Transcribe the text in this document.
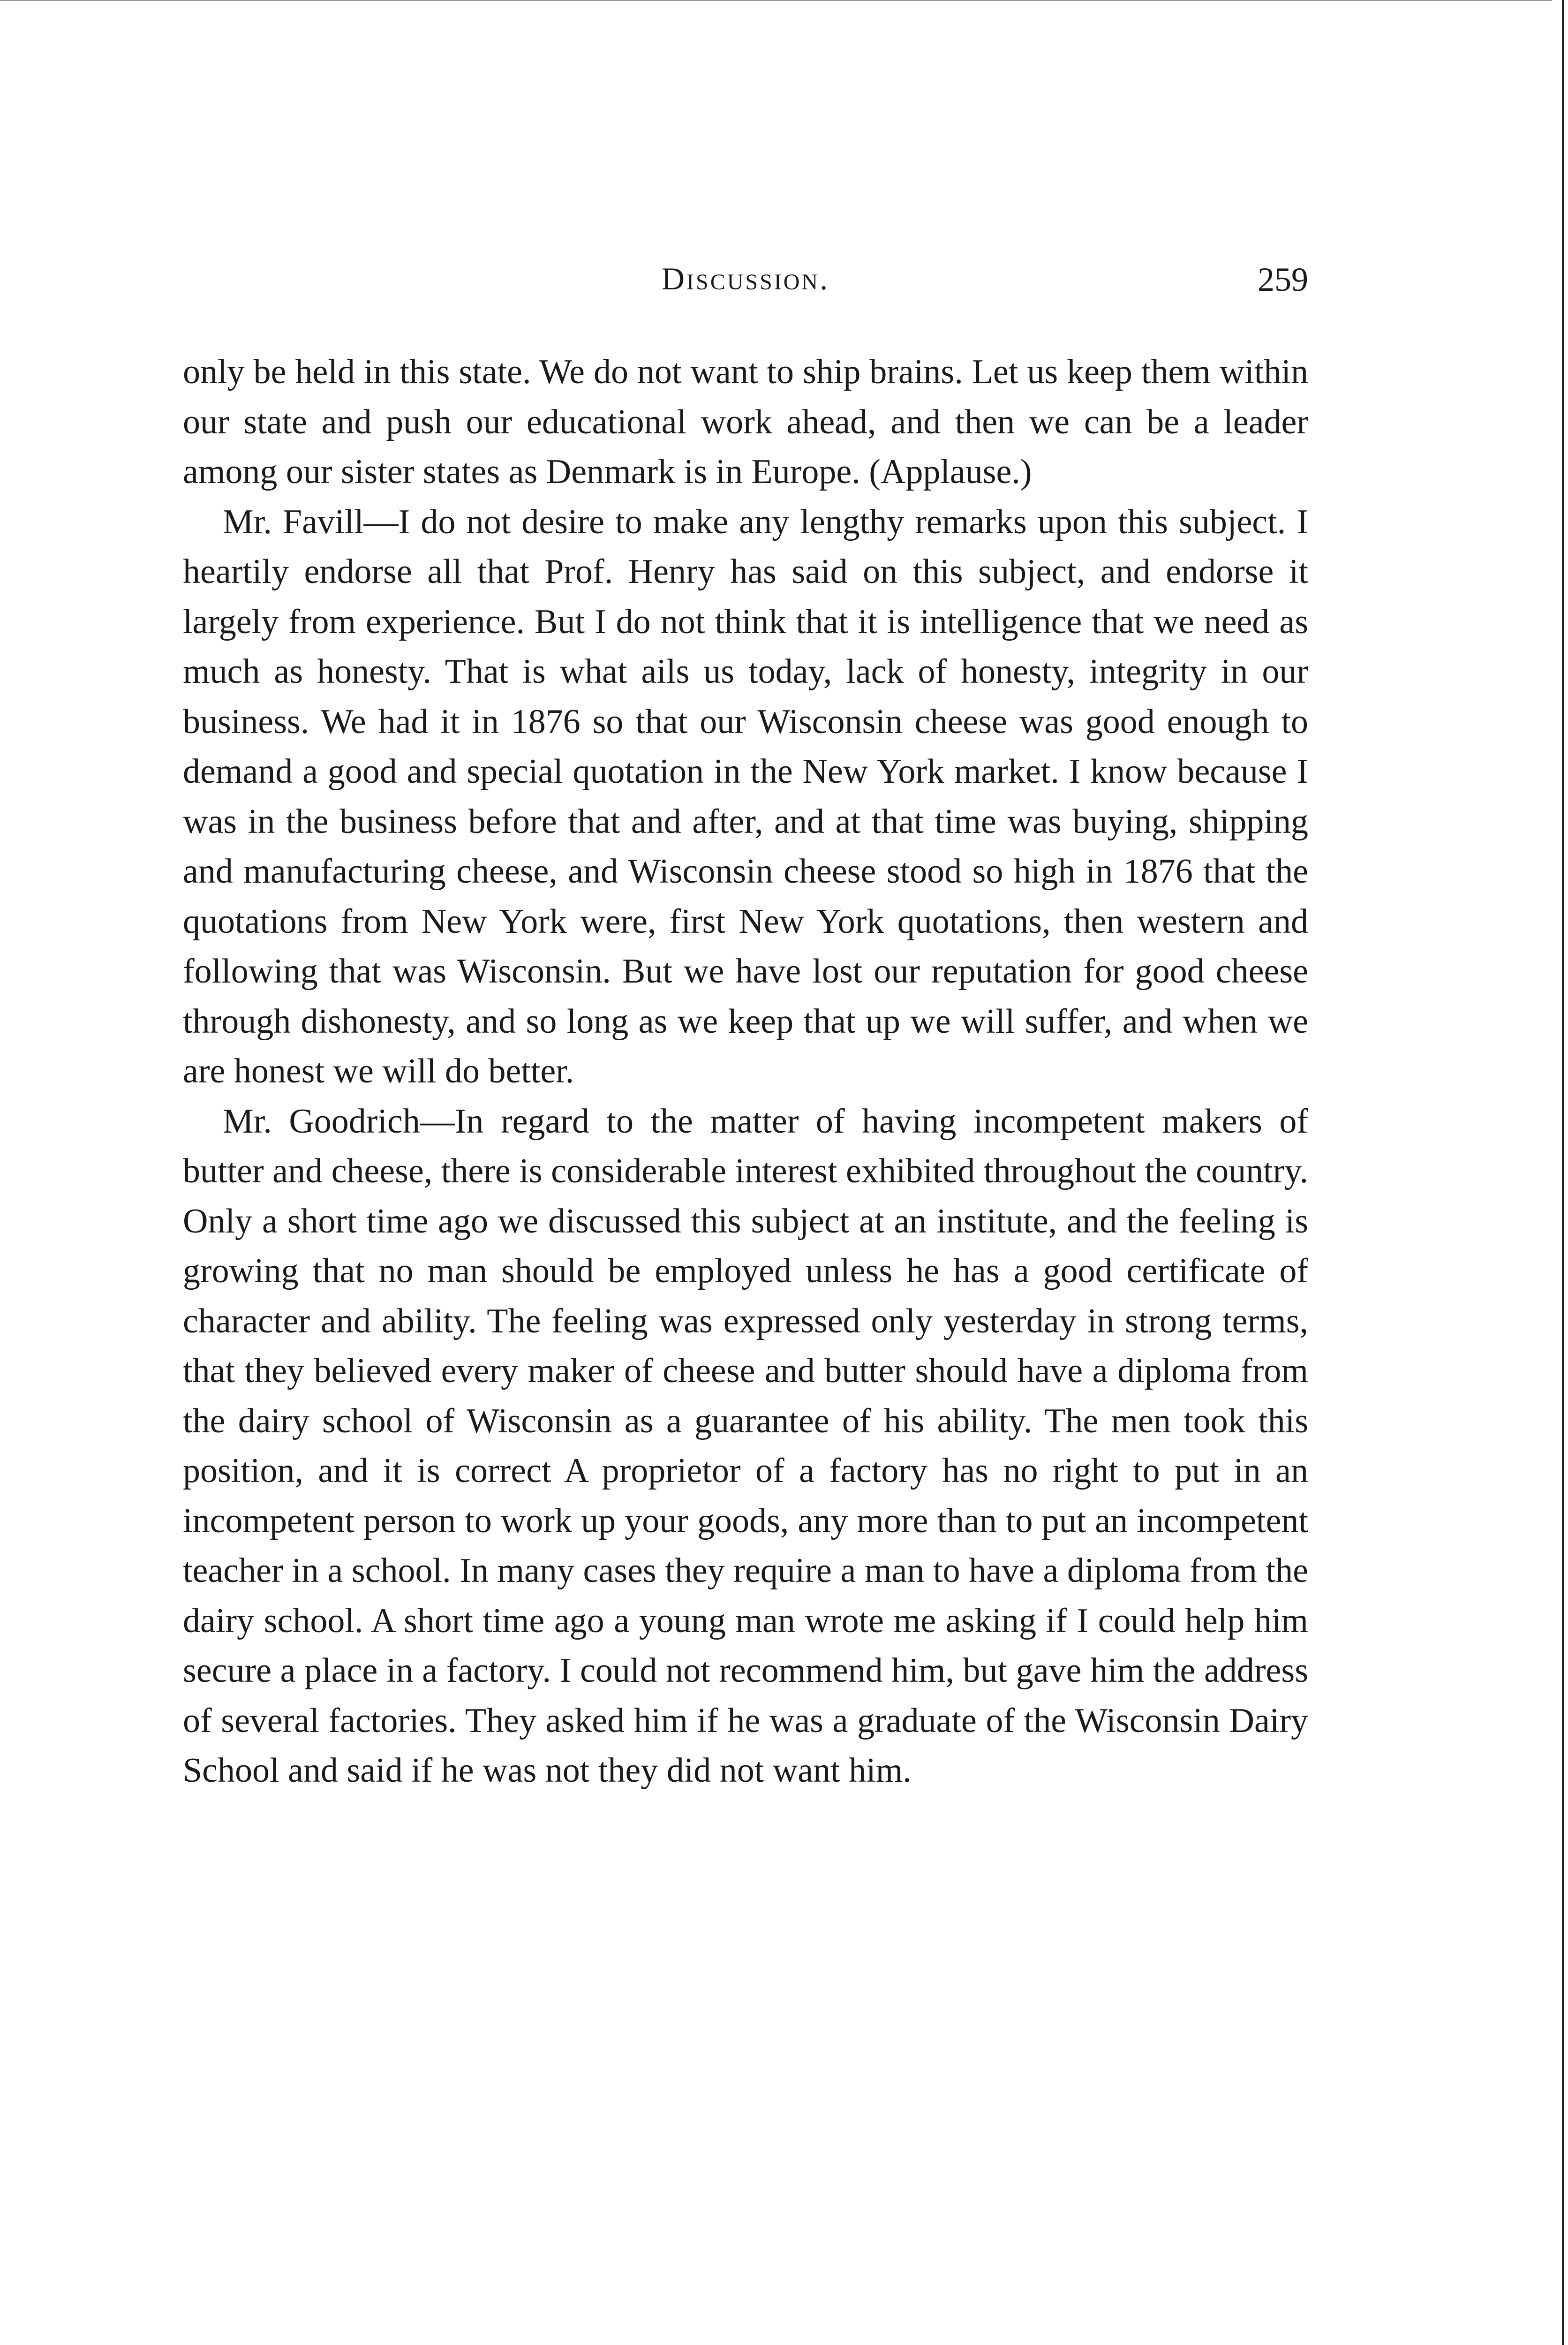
Discussion.	259

only be held in this state. We do not want to ship brains. Let us keep them within our state and push our educational work ahead, and then we can be a leader among our sister states as Denmark is in Europe. (Applause.)

Mr. Favill—I do not desire to make any lengthy remarks upon this subject. I heartily endorse all that Prof. Henry has said on this subject, and endorse it largely from experience. But I do not think that it is intelligence that we need as much as honesty. That is what ails us today, lack of honesty, integrity in our business. We had it in 1876 so that our Wisconsin cheese was good enough to demand a good and special quotation in the New York market. I know because I was in the business before that and after, and at that time was buying, shipping and manufacturing cheese, and Wisconsin cheese stood so high in 1876 that the quotations from New York were, first New York quotations, then western and following that was Wisconsin. But we have lost our reputation for good cheese through dishonesty, and so long as we keep that up we will suffer, and when we are honest we will do better.

Mr. Goodrich—In regard to the matter of having incompetent makers of butter and cheese, there is considerable interest exhibited throughout the country. Only a short time ago we discussed this subject at an institute, and the feeling is growing that no man should be employed unless he has a good certificate of character and ability. The feeling was expressed only yesterday in strong terms, that they believed every maker of cheese and butter should have a diploma from the dairy school of Wisconsin as a guarantee of his ability. The men took this position, and it is correct A proprietor of a factory has no right to put in an incompetent person to work up your goods, any more than to put an incompetent teacher in a school. In many cases they require a man to have a diploma from the dairy school. A short time ago a young man wrote me asking if I could help him secure a place in a factory. I could not recommend him, but gave him the address of several factories. They asked him if he was a graduate of the Wisconsin Dairy School and said if he was not they did not want him.
